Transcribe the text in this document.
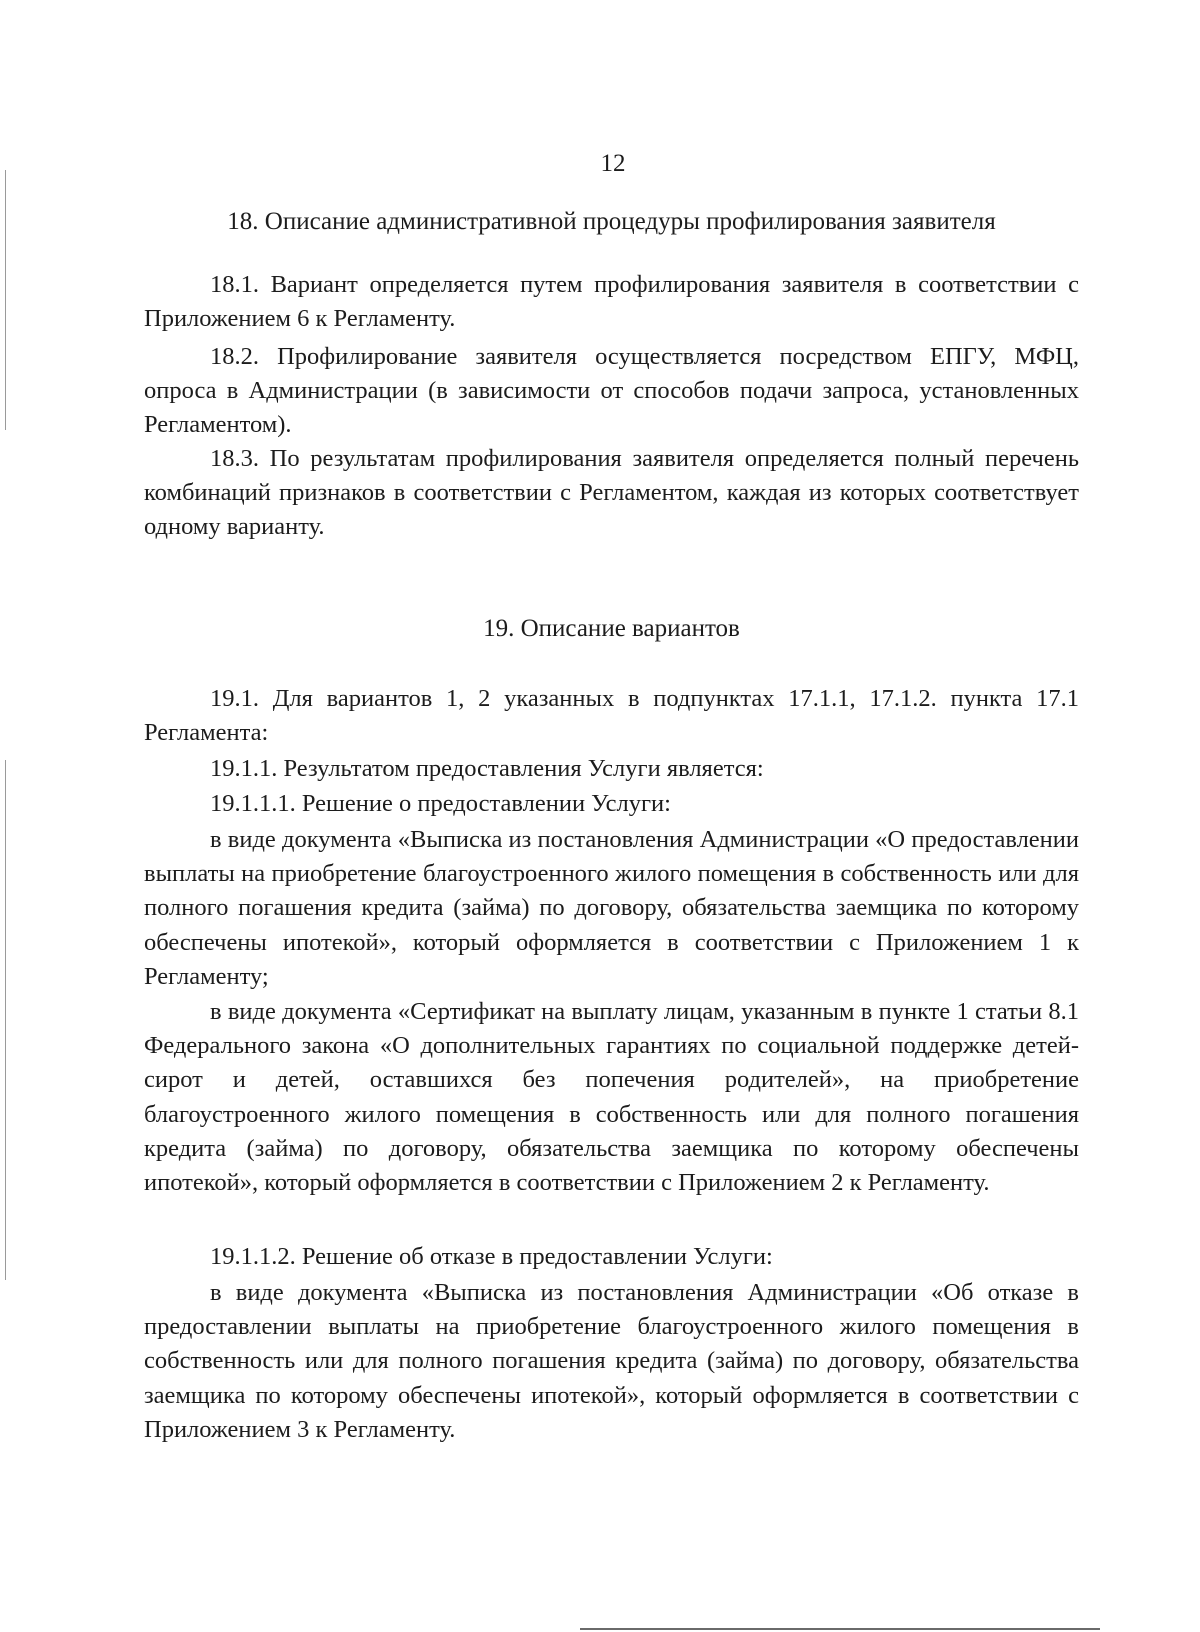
12
18. Описание административной процедуры профилирования заявителя

18.1. Вариант определяется путем профилирования заявителя в соответствии с Приложением 6 к Регламенту.

18.2. Профилирование заявителя осуществляется посредством ЕПГУ, МФЦ, опроса в Администрации (в зависимости от способов подачи запроса, установленных Регламентом).

18.3. По результатам профилирования заявителя определяется полный перечень комбинаций признаков в соответствии с Регламентом, каждая из которых соответствует одному варианту.

19. Описание вариантов

19.1. Для вариантов 1, 2 указанных в подпунктах 17.1.1, 17.1.2. пункта 17.1 Регламента:

19.1.1. Результатом предоставления Услуги является:

19.1.1.1. Решение о предоставлении Услуги:

в виде документа «Выписка из постановления Администрации «О предоставлении выплаты на приобретение благоустроенного жилого помещения в собственность или для полного погашения кредита (займа) по договору, обязательства заемщика по которому обеспечены ипотекой», который оформляется в соответствии с Приложением 1 к Регламенту;

в виде документа «Сертификат на выплату лицам, указанным в пункте 1 статьи 8.1 Федерального закона «О дополнительных гарантиях по социальной поддержке детей-сирот и детей, оставшихся без попечения родителей», на приобретение благоустроенного жилого помещения в собственность или для полного погашения кредита (займа) по договору, обязательства заемщика по которому обеспечены ипотекой», который оформляется в соответствии с Приложением 2 к Регламенту.

19.1.1.2. Решение об отказе в предоставлении Услуги:

в виде документа «Выписка из постановления Администрации «Об отказе в предоставлении выплаты на приобретение благоустроенного жилого помещения в собственность или для полного погашения кредита (займа) по договору, обязательства заемщика по которому обеспечены ипотекой», который оформляется в соответствии с Приложением 3 к Регламенту.
